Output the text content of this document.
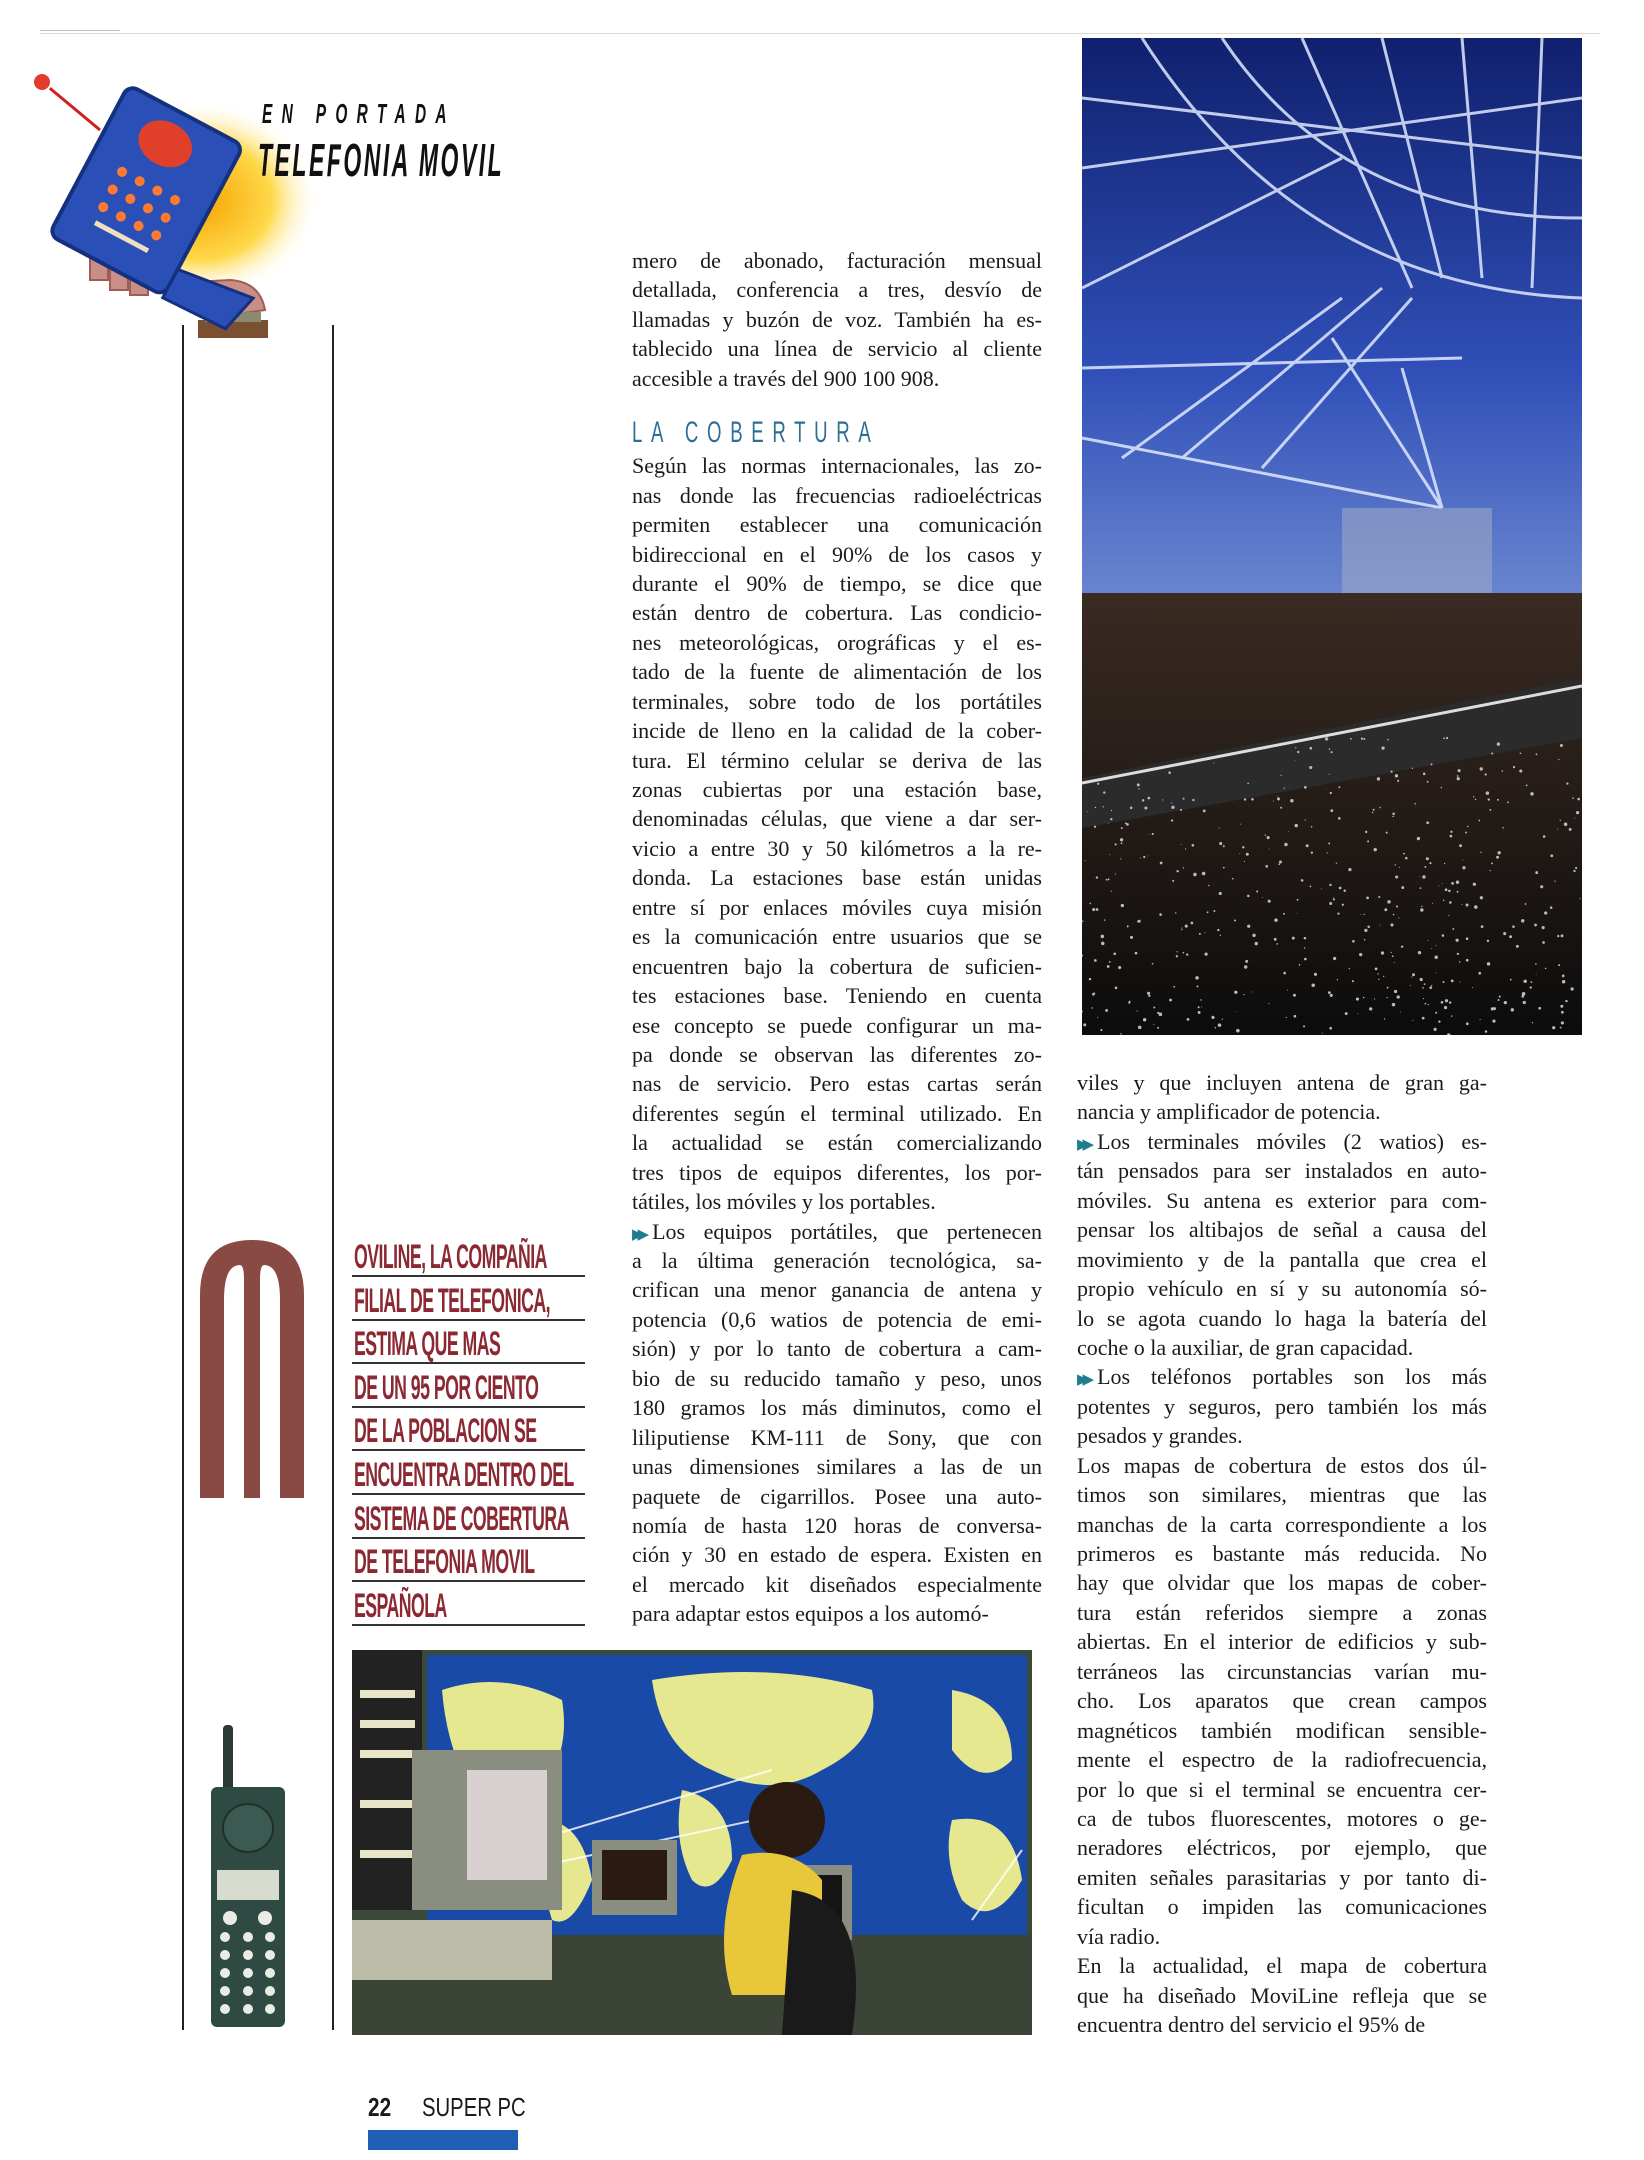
EN PORTADA
TELEFONIA MOVIL
OVILINE, LA COMPAÑIA
FILIAL DE TELEFONICA,
ESTIMA QUE MAS
DE UN 95 POR CIENTO
DE LA POBLACION SE
ENCUENTRA DENTRO DEL
SISTEMA DE COBERTURA
DE TELEFONIA MOVIL
ESPAÑOLA
mero de abonado, facturación mensual
detallada, conferencia a tres, desvío de
llamadas y buzón de voz. También ha es-
tablecido una línea de servicio al cliente
accesible a través del 900 100 908.
LA COBERTURA
Según las normas internacionales, las zo-
nas donde las frecuencias radioeléctricas
permiten establecer una comunicación
bidireccional en el 90% de los casos y
durante el 90% de tiempo, se dice que
están dentro de cobertura. Las condicio-
nes meteorológicas, orográficas y el es-
tado de la fuente de alimentación de los
terminales, sobre todo de los portátiles
incide de lleno en la calidad de la cober-
tura. El término celular se deriva de las
zonas cubiertas por una estación base,
denominadas células, que viene a dar ser-
vicio a entre 30 y 50 kilómetros a la re-
donda. La estaciones base están unidas
entre sí por enlaces móviles cuya misión
es la comunicación entre usuarios que se
encuentren bajo la cobertura de suficien-
tes estaciones base. Teniendo en cuenta
ese concepto se puede configurar un ma-
pa donde se observan las diferentes zo-
nas de servicio. Pero estas cartas serán
diferentes según el terminal utilizado. En
la actualidad se están comercializando
tres tipos de equipos diferentes, los por-
tátiles, los móviles y los portables.
▶▶ Los equipos portátiles, que pertenecen
a la última generación tecnológica, sa-
crifican una menor ganancia de antena y
potencia (0,6 watios de potencia de emi-
sión) y por lo tanto de cobertura a cam-
bio de su reducido tamaño y peso, unos
180 gramos los más diminutos, como el
liliputiense KM-111 de Sony, que con
unas dimensiones similares a las de un
paquete de cigarrillos. Posee una auto-
nomía de hasta 120 horas de conversa-
ción y 30 en estado de espera. Existen en
el mercado kit diseñados especialmente
para adaptar estos equipos a los automó-
viles y que incluyen antena de gran ga-
nancia y amplificador de potencia.
▶▶ Los terminales móviles (2 watios) es-
tán pensados para ser instalados en auto-
móviles. Su antena es exterior para com-
pensar los altibajos de señal a causa del
movimiento y de la pantalla que crea el
propio vehículo en sí y su autonomía só-
lo se agota cuando lo haga la batería del
coche o la auxiliar, de gran capacidad.
▶▶ Los teléfonos portables son los más
potentes y seguros, pero también los más
pesados y grandes.
Los mapas de cobertura de estos dos úl-
timos son similares, mientras que las
manchas de la carta correspondiente a los
primeros es bastante más reducida. No
hay que olvidar que los mapas de cober-
tura están referidos siempre a zonas
abiertas. En el interior de edificios y sub-
terráneos las circunstancias varían mu-
cho. Los aparatos que crean campos
magnéticos también modifican sensible-
mente el espectro de la radiofrecuencia,
por lo que si el terminal se encuentra cer-
ca de tubos fluorescentes, motores o ge-
neradores eléctricos, por ejemplo, que
emiten señales parasitarias y por tanto di-
ficultan o impiden las comunicaciones
vía radio.
En la actualidad, el mapa de cobertura
que ha diseñado MoviLine refleja que se
encuentra dentro del servicio el 95% de
22 SUPER PC
